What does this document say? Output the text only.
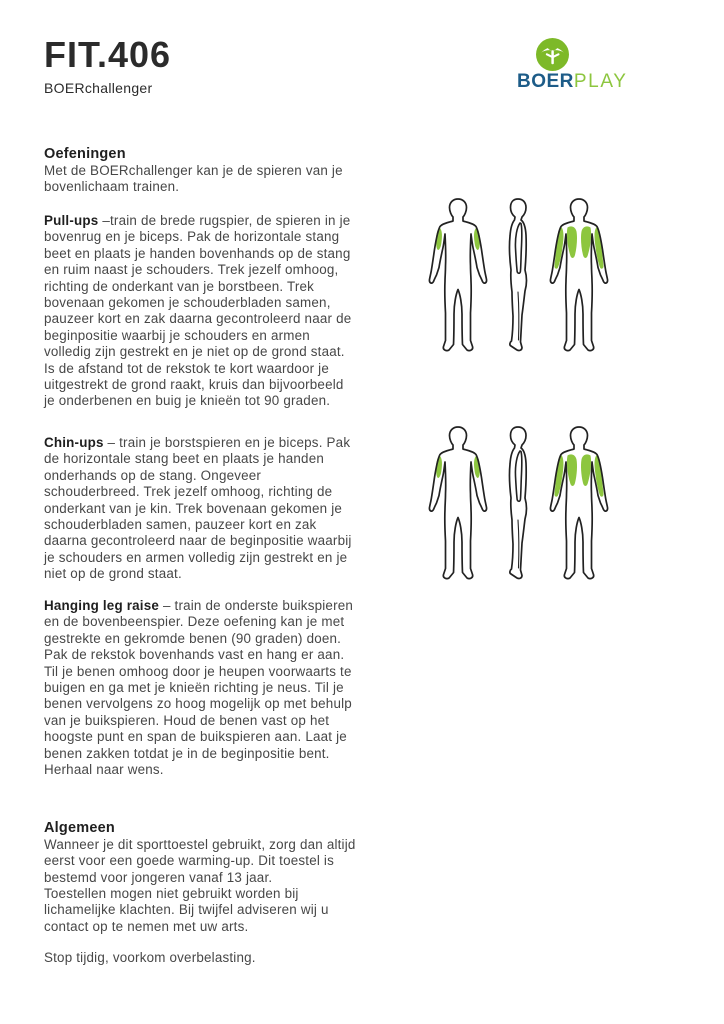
FIT.406
BOERchallenger	BOERPLAY
Oefeningen

Met de BOERchallenger kan je de spieren van je bovenlichaam trainen.

Pull-ups –train de brede rugspier, de spieren in je bovenrug en je biceps. Pak de horizontale stang beet en plaats je handen bovenhands op de stang en ruim naast je schouders. Trek jezelf omhoog, richting de onderkant van je borstbeen. Trek bovenaan gekomen je schouderbladen samen, pauzeer kort en zak daarna gecontroleerd naar de beginpositie waarbij je schouders en armen volledig zijn gestrekt en je niet op de grond staat. Is de afstand tot de rekstok te kort waardoor je uitgestrekt de grond raakt, kruis dan bijvoorbeeld je onderbenen en buig je knieën tot 90 graden.

Chin-ups – train je borstspieren en je biceps. Pak de horizontale stang beet en plaats je handen onderhands op de stang. Ongeveer schouderbreed. Trek jezelf omhoog, richting de onderkant van je kin. Trek bovenaan gekomen je schouderbladen samen, pauzeer kort en zak daarna gecontroleerd naar de beginpositie waarbij je schouders en armen volledig zijn gestrekt en je niet op de grond staat.

Hanging leg raise – train de onderste buikspieren en de bovenbeenspier. Deze oefening kan je met gestrekte en gekromde benen (90 graden) doen. Pak de rekstok bovenhands vast en hang er aan. Til je benen omhoog door je heupen voorwaarts te buigen en ga met je knieën richting je neus. Til je benen vervolgens zo hoog mogelijk op met behulp van je buikspieren. Houd de benen vast op het hoogste punt en span de buikspieren aan. Laat je benen zakken totdat je in de beginpositie bent. Herhaal naar wens.

Algemeen

Wanneer je dit sporttoestel gebruikt, zorg dan altijd eerst voor een goede warming-up. Dit toestel is bestemd voor jongeren vanaf 13 jaar.

Toestellen mogen niet gebruikt worden bij lichamelijke klachten. Bij twijfel adviseren wij u contact op te nemen met uw arts.

Stop tijdig, voorkom overbelasting.
